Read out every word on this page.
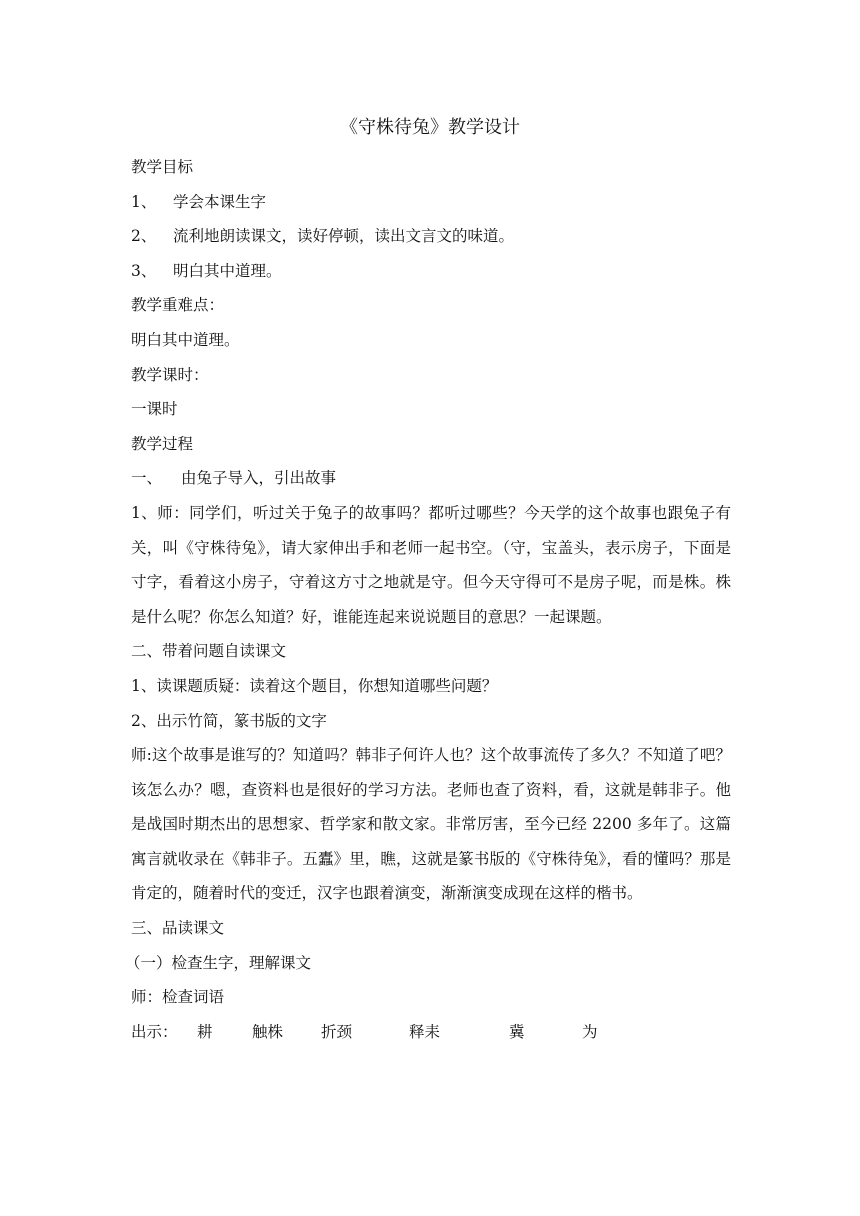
《守株待兔》教学设计
教学目标
1、 学会本课生字
2、 流利地朗读课文，读好停顿，读出文言文的味道。
3、 明白其中道理。
教学重难点：
明白其中道理。
教学课时：
一课时
教学过程
一、 由兔子导入，引出故事
1、师：同学们，听过关于兔子的故事吗？都听过哪些？今天学的这个故事也跟兔子有关，叫《守株待兔》，请大家伸出手和老师一起书空。（守，宝盖头，表示房子，下面是寸字，看着这小房子，守着这方寸之地就是守。但今天守得可不是房子呢，而是株。株是什么呢？你怎么知道？好，谁能连起来说说题目的意思？一起课题。
二、带着问题自读课文
1、读课题质疑：读着这个题目，你想知道哪些问题？
2、出示竹简，篆书版的文字
师:这个故事是谁写的？知道吗？韩非子何许人也？这个故事流传了多久？不知道了吧？该怎么办？嗯，查资料也是很好的学习方法。老师也查了资料，看，这就是韩非子。他是战国时期杰出的思想家、哲学家和散文家。非常厉害，至今已经 2200 多年了。这篇寓言就收录在《韩非子。五蠹》里，瞧，这就是篆书版的《守株待兔》，看的懂吗？那是肯定的，随着时代的变迁，汉字也跟着演变，渐渐演变成现在这样的楷书。
三、品读课文
（一）检查生字，理解课文
师：检查词语
出示： 耕	触株 折颈	释耒	冀	为
